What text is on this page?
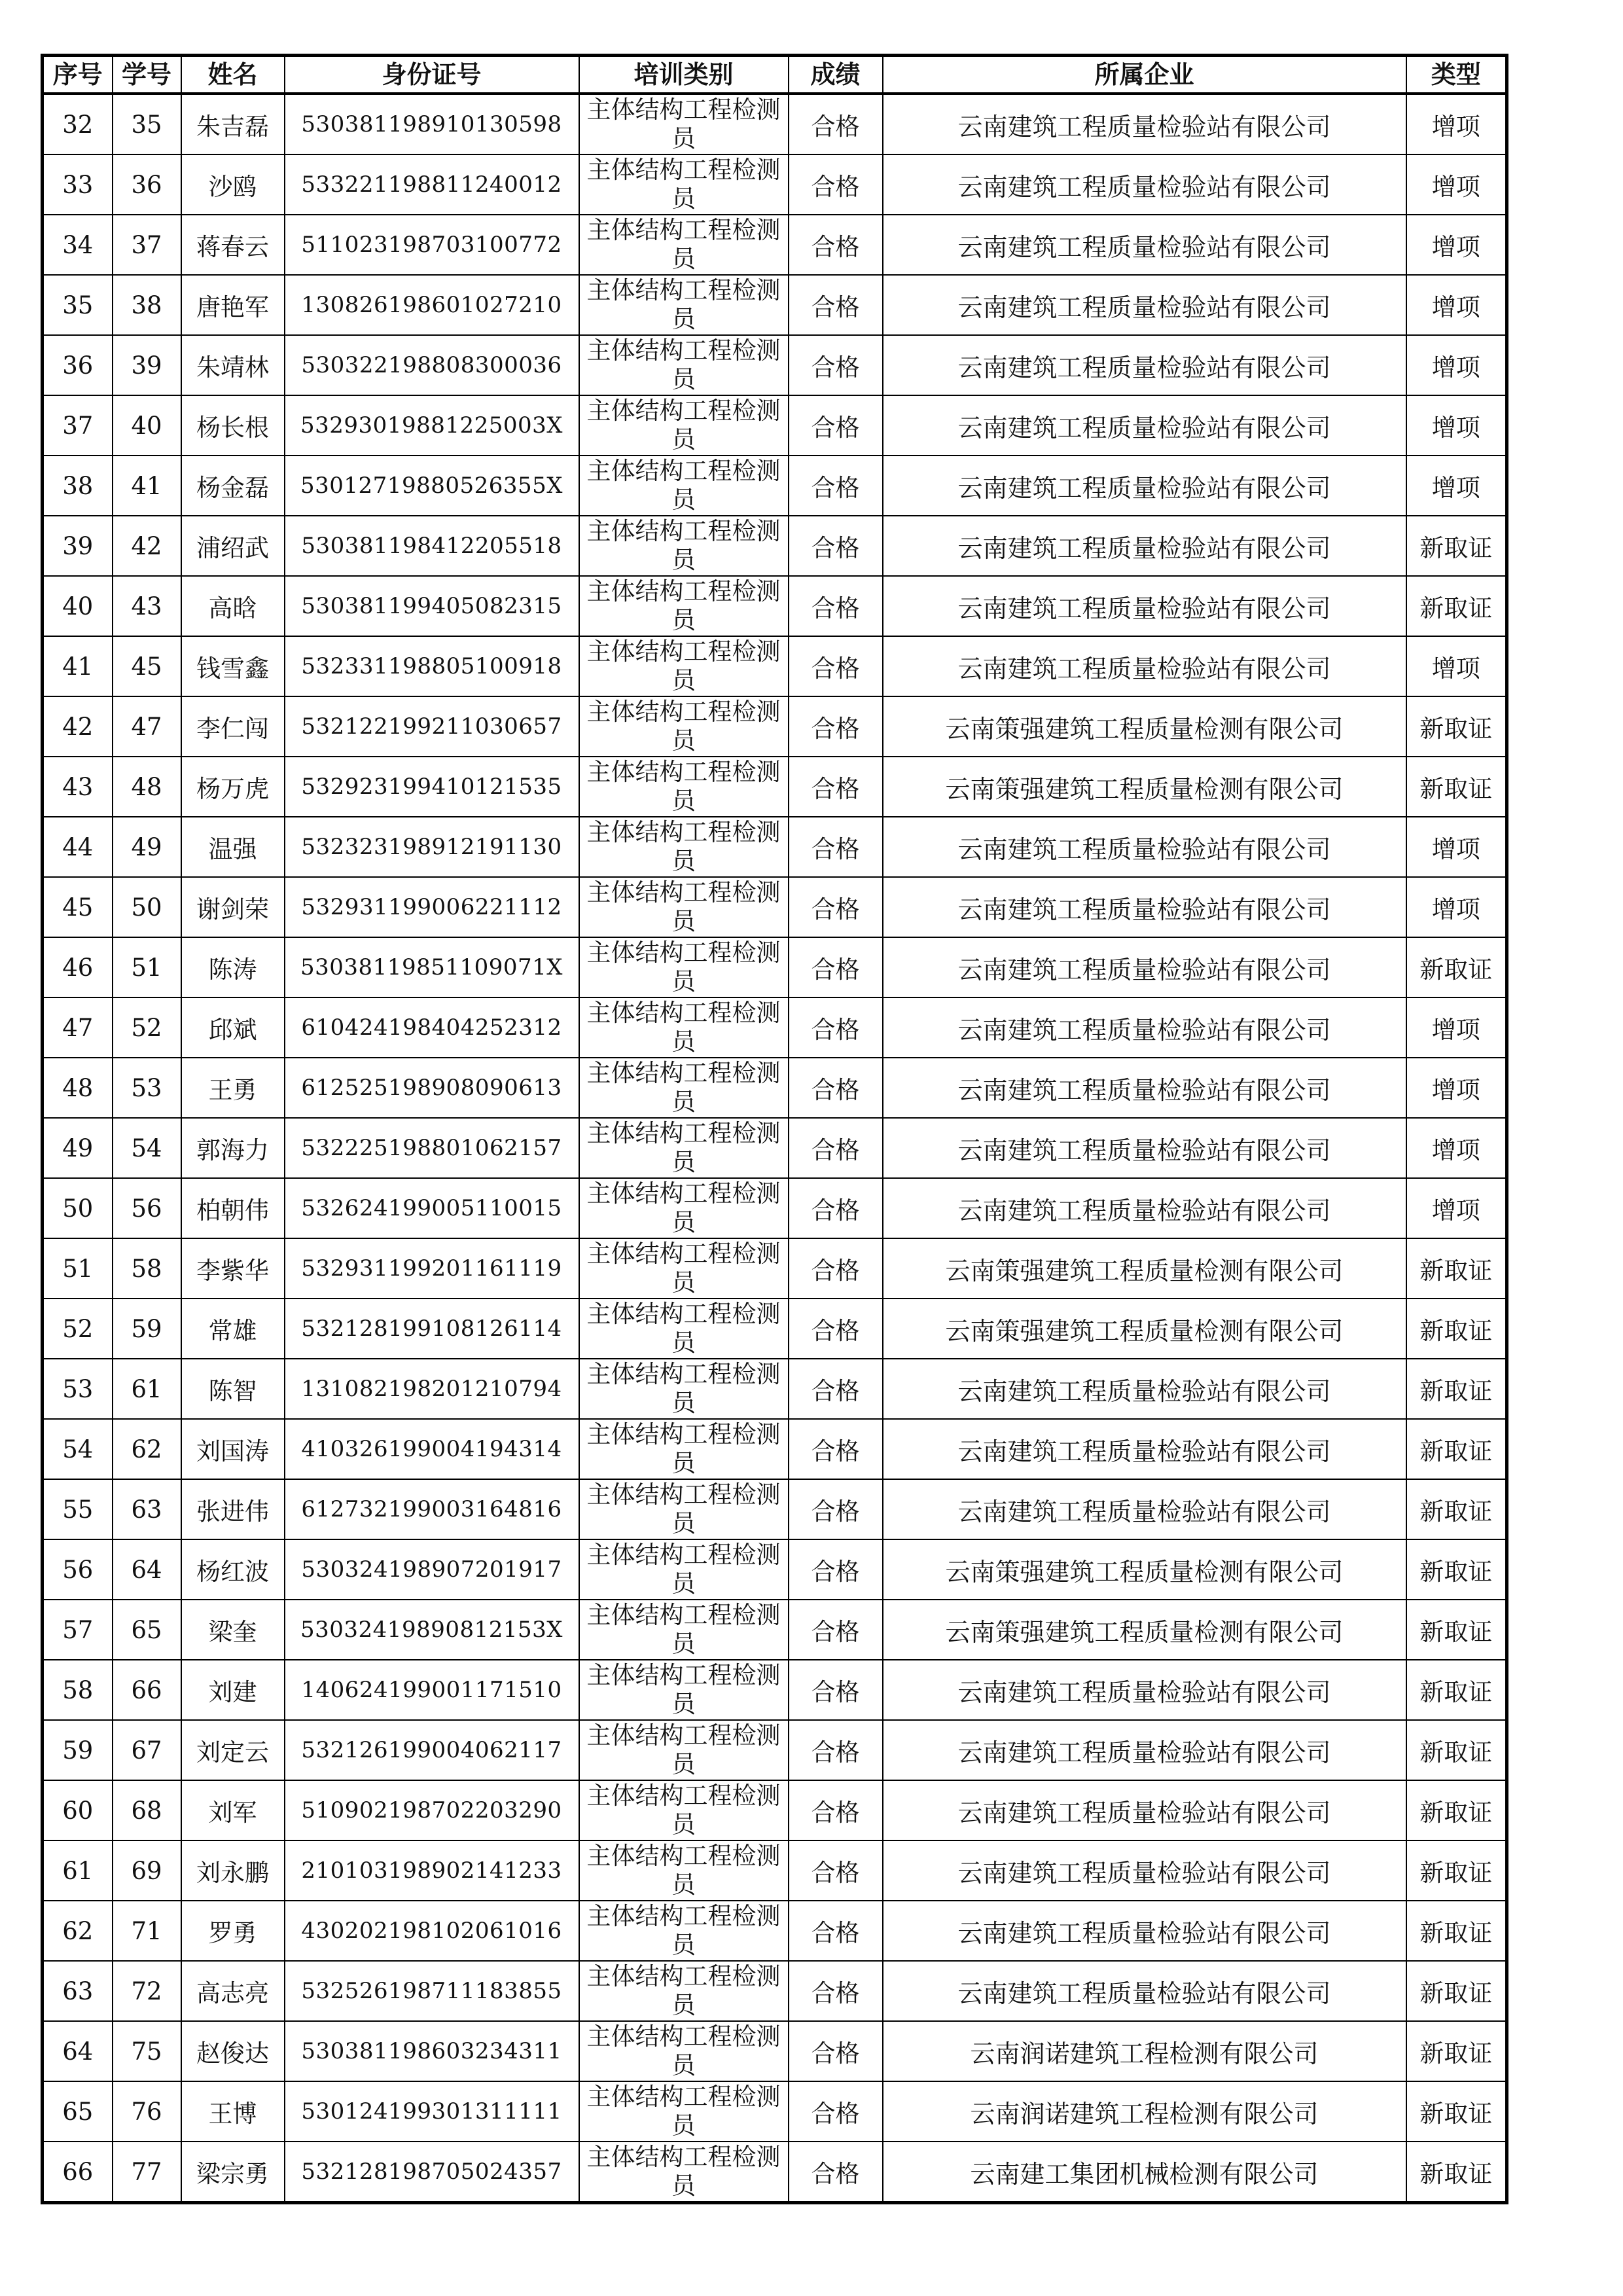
序号	学号	姓名	身份证号	培训类别	成绩	所属企业	类型
32	35	朱吉磊	530381198910130598	主体结构工程检测员	合格	云南建筑工程质量检验站有限公司	增项
33	36	沙鸥	533221198811240012	主体结构工程检测员	合格	云南建筑工程质量检验站有限公司	增项
34	37	蒋春云	511023198703100772	主体结构工程检测员	合格	云南建筑工程质量检验站有限公司	增项
35	38	唐艳军	130826198601027210	主体结构工程检测员	合格	云南建筑工程质量检验站有限公司	增项
36	39	朱靖林	530322198808300036	主体结构工程检测员	合格	云南建筑工程质量检验站有限公司	增项
37	40	杨长根	53293019881225003X	主体结构工程检测员	合格	云南建筑工程质量检验站有限公司	增项
38	41	杨金磊	53012719880526355X	主体结构工程检测员	合格	云南建筑工程质量检验站有限公司	增项
39	42	浦绍武	530381198412205518	主体结构工程检测员	合格	云南建筑工程质量检验站有限公司	新取证
40	43	高晗	530381199405082315	主体结构工程检测员	合格	云南建筑工程质量检验站有限公司	新取证
41	45	钱雪鑫	532331198805100918	主体结构工程检测员	合格	云南建筑工程质量检验站有限公司	增项
42	47	李仁闯	532122199211030657	主体结构工程检测员	合格	云南策强建筑工程质量检测有限公司	新取证
43	48	杨万虎	532923199410121535	主体结构工程检测员	合格	云南策强建筑工程质量检测有限公司	新取证
44	49	温强	532323198912191130	主体结构工程检测员	合格	云南建筑工程质量检验站有限公司	增项
45	50	谢剑荣	532931199006221112	主体结构工程检测员	合格	云南建筑工程质量检验站有限公司	增项
46	51	陈涛	53038119851109071X	主体结构工程检测员	合格	云南建筑工程质量检验站有限公司	新取证
47	52	邱斌	610424198404252312	主体结构工程检测员	合格	云南建筑工程质量检验站有限公司	增项
48	53	王勇	612525198908090613	主体结构工程检测员	合格	云南建筑工程质量检验站有限公司	增项
49	54	郭海力	532225198801062157	主体结构工程检测员	合格	云南建筑工程质量检验站有限公司	增项
50	56	柏朝伟	532624199005110015	主体结构工程检测员	合格	云南建筑工程质量检验站有限公司	增项
51	58	李紫华	532931199201161119	主体结构工程检测员	合格	云南策强建筑工程质量检测有限公司	新取证
52	59	常雄	532128199108126114	主体结构工程检测员	合格	云南策强建筑工程质量检测有限公司	新取证
53	61	陈智	131082198201210794	主体结构工程检测员	合格	云南建筑工程质量检验站有限公司	新取证
54	62	刘国涛	410326199004194314	主体结构工程检测员	合格	云南建筑工程质量检验站有限公司	新取证
55	63	张进伟	612732199003164816	主体结构工程检测员	合格	云南建筑工程质量检验站有限公司	新取证
56	64	杨红波	530324198907201917	主体结构工程检测员	合格	云南策强建筑工程质量检测有限公司	新取证
57	65	梁奎	53032419890812153X	主体结构工程检测员	合格	云南策强建筑工程质量检测有限公司	新取证
58	66	刘建	140624199001171510	主体结构工程检测员	合格	云南建筑工程质量检验站有限公司	新取证
59	67	刘定云	532126199004062117	主体结构工程检测员	合格	云南建筑工程质量检验站有限公司	新取证
60	68	刘军	510902198702203290	主体结构工程检测员	合格	云南建筑工程质量检验站有限公司	新取证
61	69	刘永鹏	210103198902141233	主体结构工程检测员	合格	云南建筑工程质量检验站有限公司	新取证
62	71	罗勇	430202198102061016	主体结构工程检测员	合格	云南建筑工程质量检验站有限公司	新取证
63	72	高志亮	532526198711183855	主体结构工程检测员	合格	云南建筑工程质量检验站有限公司	新取证
64	75	赵俊达	530381198603234311	主体结构工程检测员	合格	云南润诺建筑工程检测有限公司	新取证
65	76	王博	530124199301311111	主体结构工程检测员	合格	云南润诺建筑工程检测有限公司	新取证
66	77	梁宗勇	532128198705024357	主体结构工程检测员	合格	云南建工集团机械检测有限公司	新取证
